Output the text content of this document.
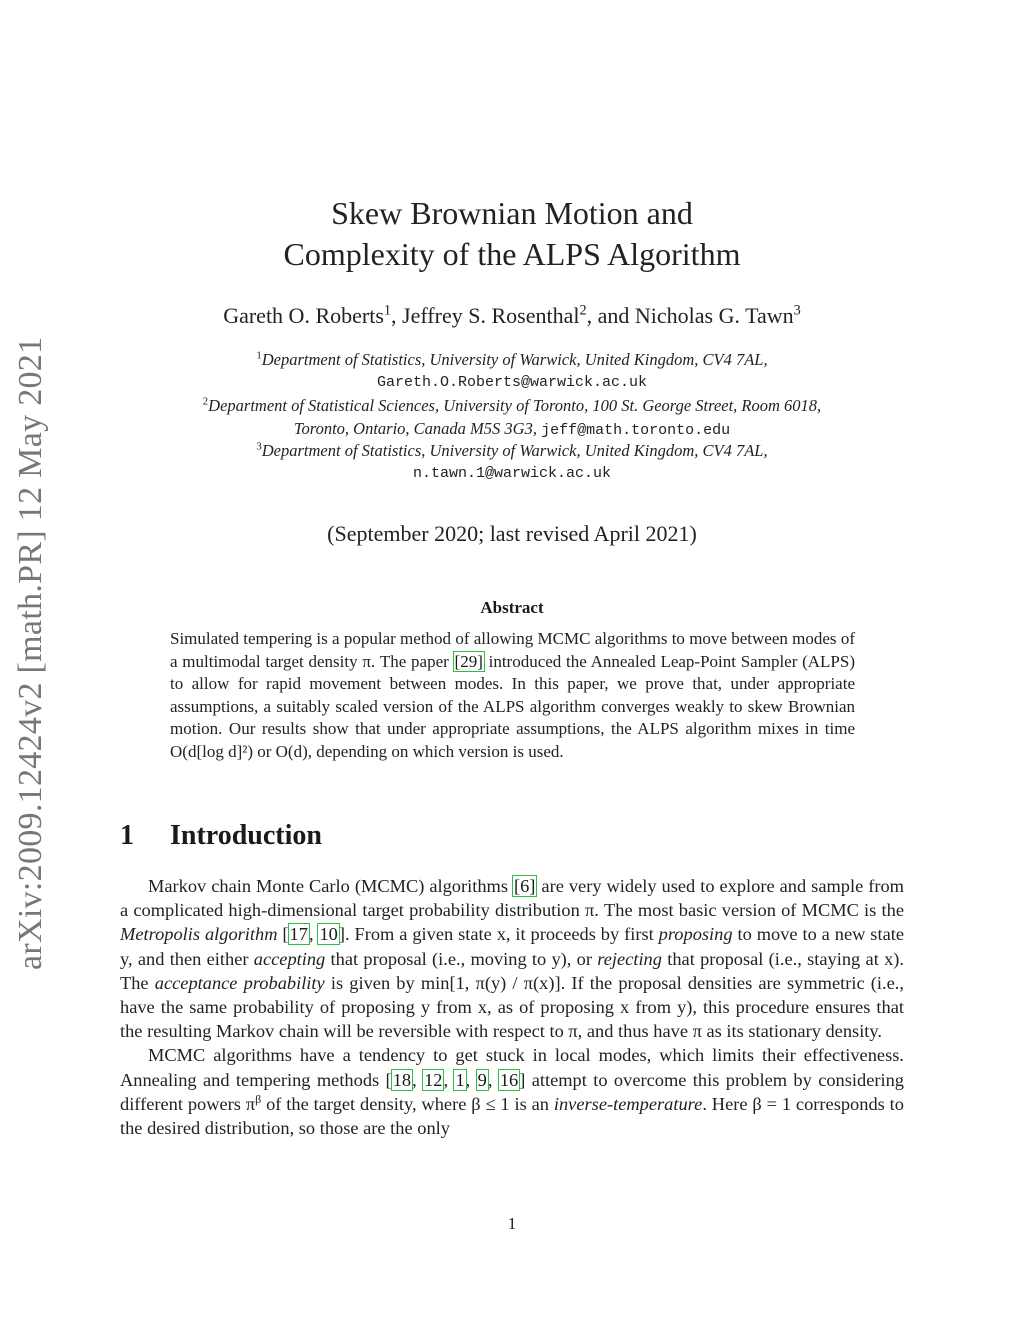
arXiv:2009.12424v2 [math.PR] 12 May 2021
Skew Brownian Motion and
Complexity of the ALPS Algorithm
Gareth O. Roberts$^1$, Jeffrey S. Rosenthal$^2$, and Nicholas G. Tawn$^3$
$^1$Department of Statistics, University of Warwick, United Kingdom, CV4 7AL,
Gareth.O.Roberts@warwick.ac.uk
$^2$Department of Statistical Sciences, University of Toronto, 100 St. George Street, Room 6018,
Toronto, Ontario, Canada M5S 3G3, jeff@math.toronto.edu
$^3$Department of Statistics, University of Warwick, United Kingdom, CV4 7AL,
n.tawn.1@warwick.ac.uk
(September 2020; last revised April 2021)
Abstract
Simulated tempering is a popular method of allowing MCMC algorithms to move between modes of a multimodal target density π. The paper [29] introduced the Annealed Leap-Point Sampler (ALPS) to allow for rapid movement between modes. In this paper, we prove that, under appropriate assumptions, a suitably scaled version of the ALPS algorithm converges weakly to skew Brownian motion. Our results show that under appropriate assumptions, the ALPS algorithm mixes in time O(d[log d]²) or O(d), depending on which version is used.
1 Introduction

Markov chain Monte Carlo (MCMC) algorithms [6] are very widely used to explore and sample from a complicated high-dimensional target probability distribution π. The most basic version of MCMC is the Metropolis algorithm [17, 10]. From a given state x, it proceeds by first proposing to move to a new state y, and then either accepting that proposal (i.e., moving to y), or rejecting that proposal (i.e., staying at x). The acceptance probability is given by min[1, π(y) / π(x)]. If the proposal densities are symmetric (i.e., have the same probability of proposing y from x, as of proposing x from y), this procedure ensures that the resulting Markov chain will be reversible with respect to π, and thus have π as its stationary density.

MCMC algorithms have a tendency to get stuck in local modes, which limits their effectiveness. Annealing and tempering methods [18, 12, 1, 9, 16] attempt to overcome this problem by considering different powers $\pi^\beta$ of the target density, where β ≤ 1 is an inverse-temperature. Here β = 1 corresponds to the desired distribution, so those are the only

1
